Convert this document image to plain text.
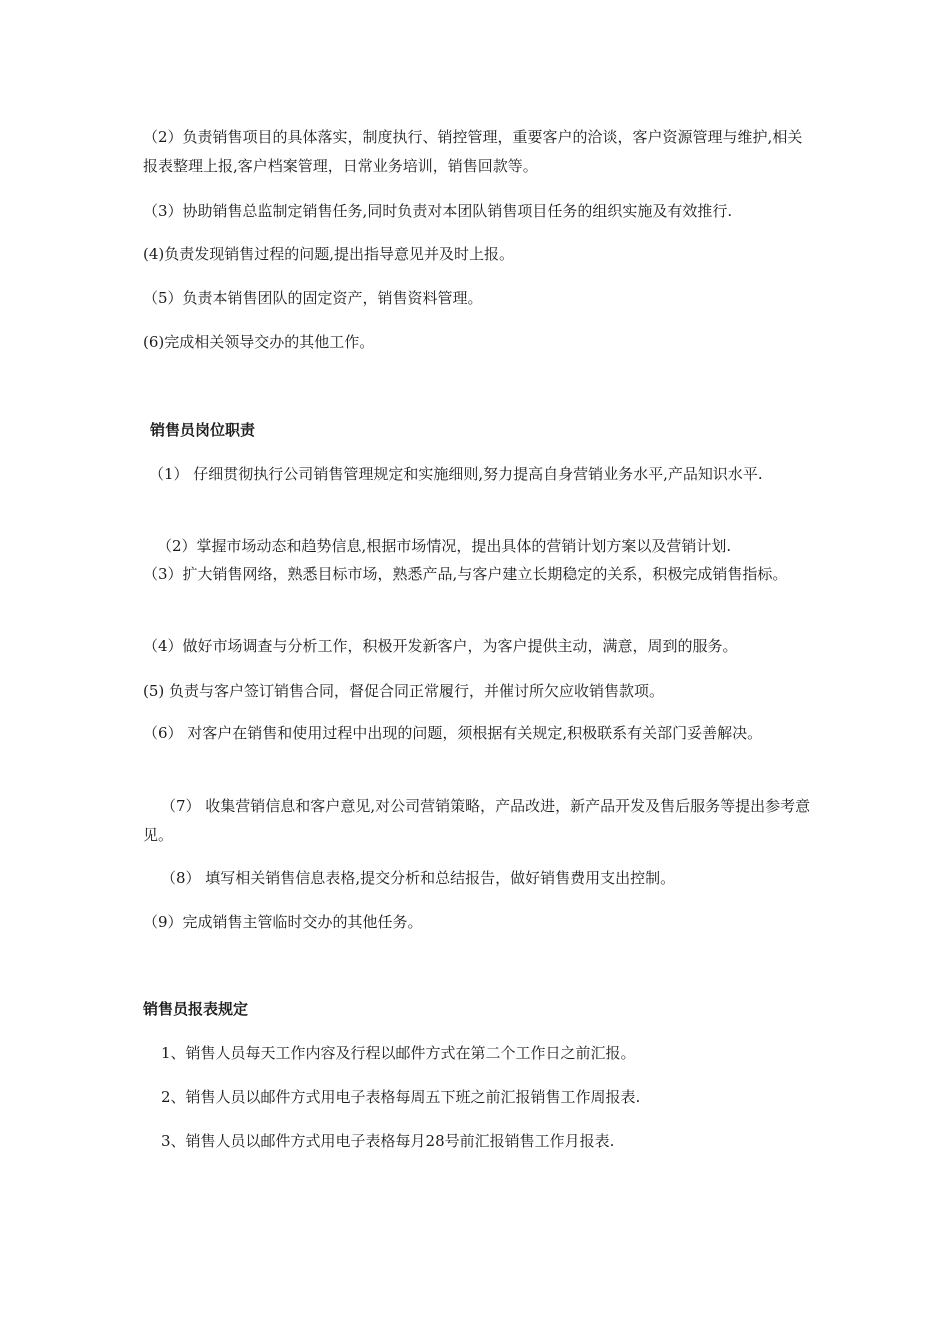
（2）负责销售项目的具体落实，制度执行、销控管理，重要客户的洽谈，客户资源管理与维护,相关 报表整理上报,客户档案管理，日常业务培训，销售回款等。

（3）协助销售总监制定销售任务,同时负责对本团队销售项目任务的组织实施及有效推行.

(4)负责发现销售过程的问题,提出指导意见并及时上报。

（5）负责本销售团队的固定资产，销售资料管理。

(6)完成相关领导交办的其他工作。

销售员岗位职责

（1） 仔细贯彻执行公司销售管理规定和实施细则,努力提高自身营销业务水平,产品知识水平.

（2）掌握市场动态和趋势信息,根据市场情况，提出具体的营销计划方案以及营销计划.

（3）扩大销售网络，熟悉目标市场，熟悉产品,与客户建立长期稳定的关系，积极完成销售指标。

（4）做好市场调查与分析工作，积极开发新客户，为客户提供主动，满意，周到的服务。

(5) 负责与客户签订销售合同，督促合同正常履行，并催讨所欠应收销售款项。

（6） 对客户在销售和使用过程中出现的问题，须根据有关规定,积极联系有关部门妥善解决。

（7） 收集营销信息和客户意见,对公司营销策略，产品改进，新产品开发及售后服务等提出参考意见。

（8） 填写相关销售信息表格,提交分析和总结报告，做好销售费用支出控制。

（9）完成销售主管临时交办的其他任务。

销售员报表规定

1、销售人员每天工作内容及行程以邮件方式在第二个工作日之前汇报。

2、销售人员以邮件方式用电子表格每周五下班之前汇报销售工作周报表.

3、销售人员以邮件方式用电子表格每月28号前汇报销售工作月报表.
